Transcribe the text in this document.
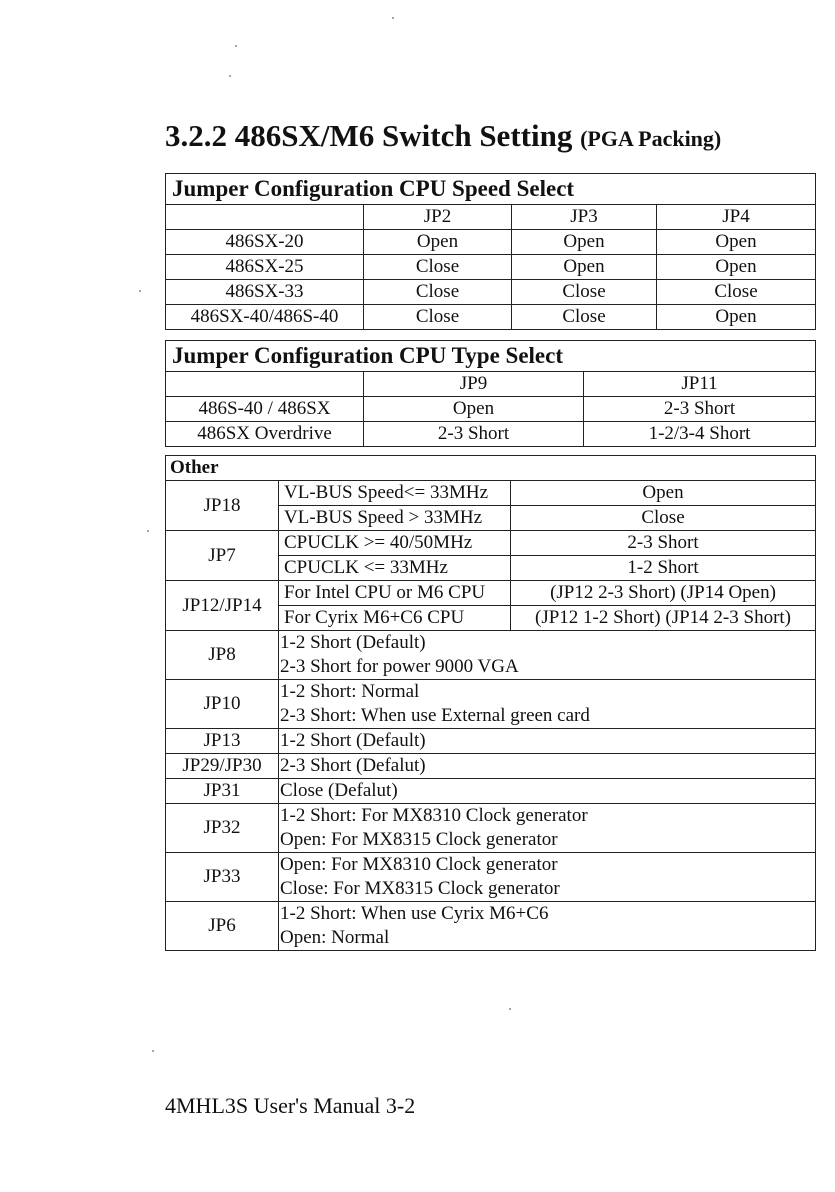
3.2.2 486SX/M6 Switch Setting (PGA Packing)
Jumper Configuration CPU Speed Select			
	JP2	JP3	JP4
486SX-20	Open	Open	Open
486SX-25	Close	Open	Open
486SX-33	Close	Close	Close
486SX-40/486S-40	Close	Close	Open
Jumper Configuration CPU Type Select		
	JP9	JP11
486S-40 / 486SX	Open	2-3 Short
486SX Overdrive	2-3 Short	1-2/3-4 Short
Other		
JP18	VL-BUS Speed<= 33MHz	Open
	VL-BUS Speed > 33MHz	Close
JP7	CPUCLK >= 40/50MHz	2-3 Short
	CPUCLK <= 33MHz	1-2 Short
JP12/JP14	For Intel CPU or M6 CPU	(JP12 2-3 Short) (JP14 Open)
	For Cyrix M6+C6 CPU	(JP12 1-2 Short) (JP14 2-3 Short)
JP8	1-2 Short (Default)
2-3 Short for power 9000 VGA	

JP10	1-2 Short: Normal
2-3 Short: When use External green card	

JP13	1-2 Short (Default)	

JP29/JP30	2-3 Short (Defalut)	

JP31	Close (Defalut)	

JP32	1-2 Short: For MX8310 Clock generator
Open: For MX8315 Clock generator	

JP33	Open: For MX8310 Clock generator
Close: For MX8315 Clock generator	

JP6	1-2 Short: When use Cyrix M6+C6
Open: Normal	
4MHL3S User's Manual 3-2
